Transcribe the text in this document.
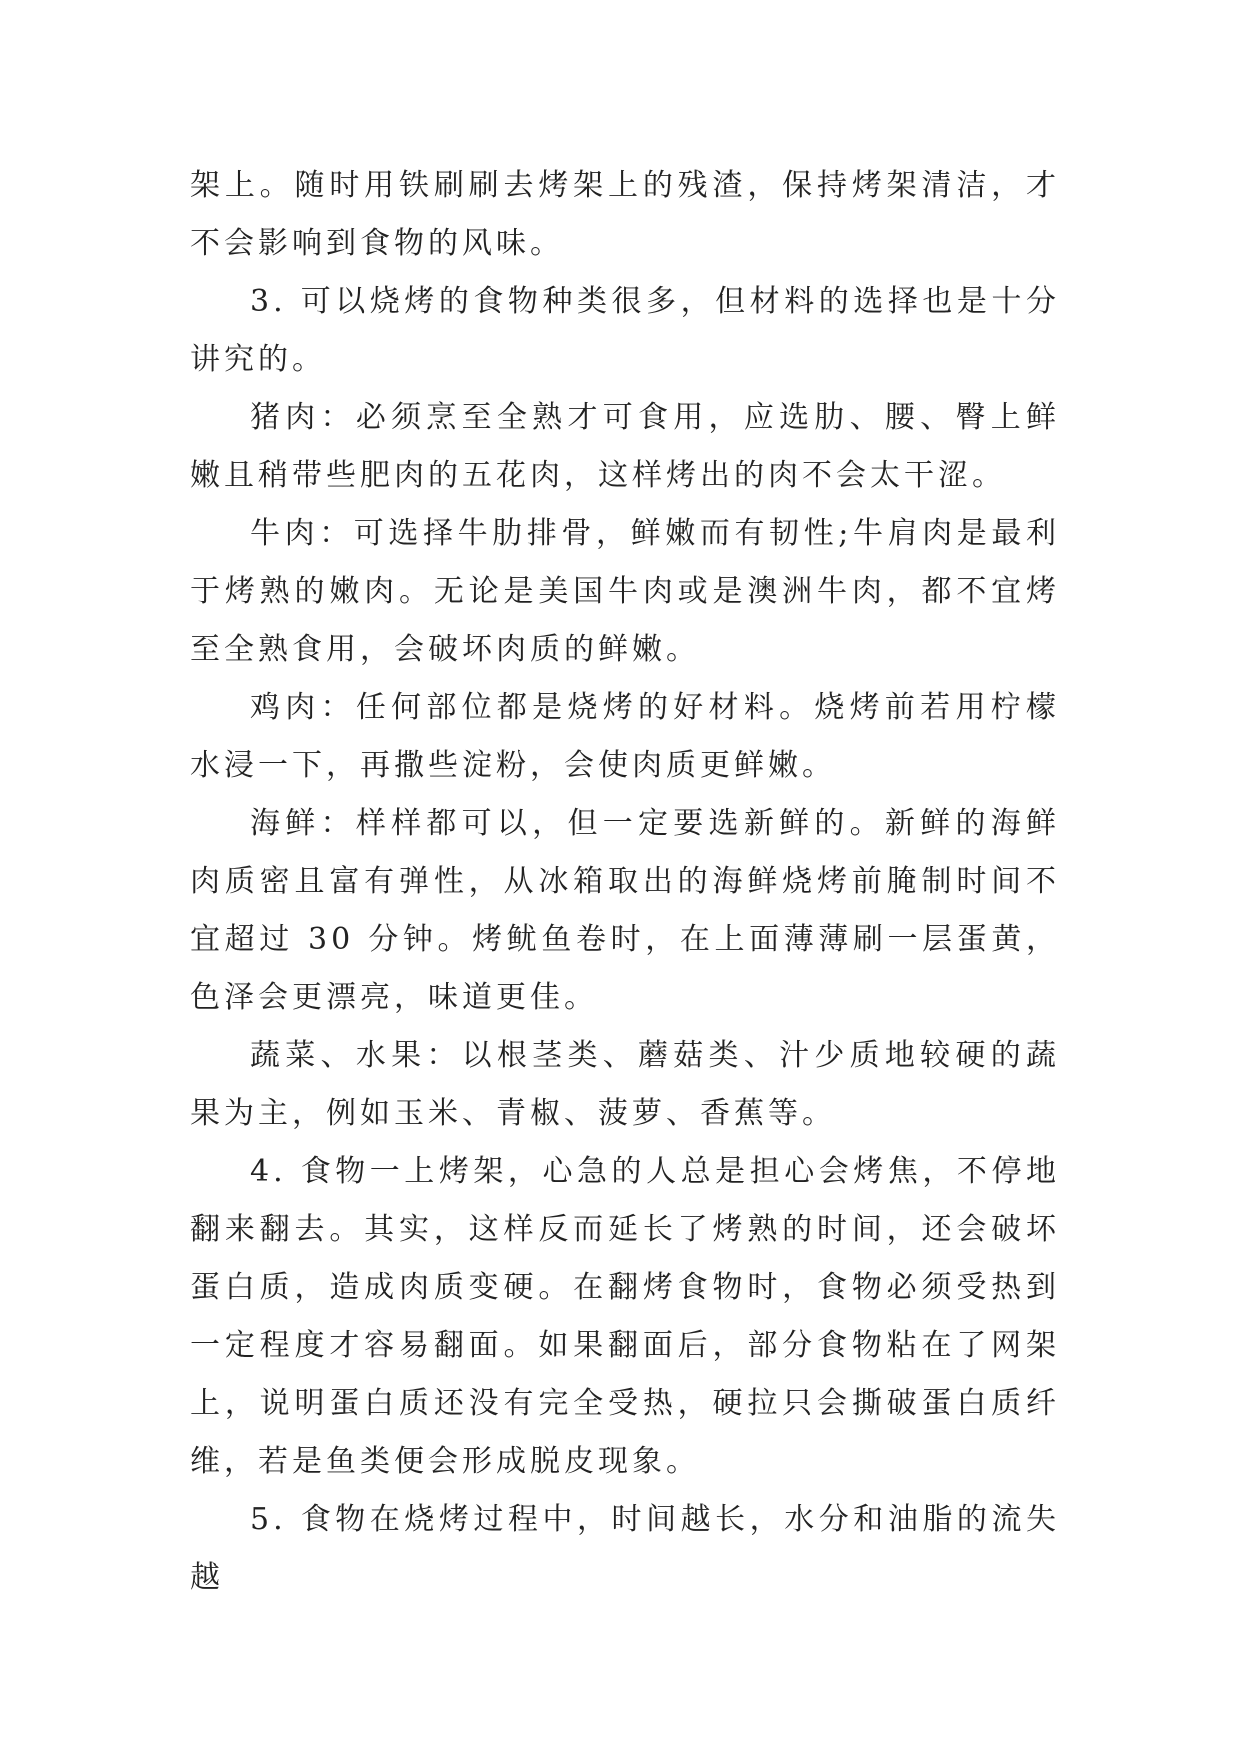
架上。随时用铁刷刷去烤架上的残渣，保持烤架清洁，才不会影响到食物的风味。

3. 可以烧烤的食物种类很多，但材料的选择也是十分讲究的。

猪肉：必须烹至全熟才可食用，应选肋、腰、臀上鲜嫩且稍带些肥肉的五花肉，这样烤出的肉不会太干涩。

牛肉：可选择牛肋排骨，鲜嫩而有韧性;牛肩肉是最利于烤熟的嫩肉。无论是美国牛肉或是澳洲牛肉，都不宜烤至全熟食用，会破坏肉质的鲜嫩。

鸡肉：任何部位都是烧烤的好材料。烧烤前若用柠檬水浸一下，再撒些淀粉，会使肉质更鲜嫩。

海鲜：样样都可以，但一定要选新鲜的。新鲜的海鲜肉质密且富有弹性，从冰箱取出的海鲜烧烤前腌制时间不宜超过 30 分钟。烤鱿鱼卷时，在上面薄薄刷一层蛋黄，色泽会更漂亮，味道更佳。

蔬菜、水果：以根茎类、蘑菇类、汁少质地较硬的蔬果为主，例如玉米、青椒、菠萝、香蕉等。

4. 食物一上烤架，心急的人总是担心会烤焦，不停地翻来翻去。其实，这样反而延长了烤熟的时间，还会破坏蛋白质，造成肉质变硬。在翻烤食物时，食物必须受热到一定程度才容易翻面。如果翻面后，部分食物粘在了网架上，说明蛋白质还没有完全受热，硬拉只会撕破蛋白质纤维，若是鱼类便会形成脱皮现象。

5. 食物在烧烤过程中，时间越长，水分和油脂的流失越
